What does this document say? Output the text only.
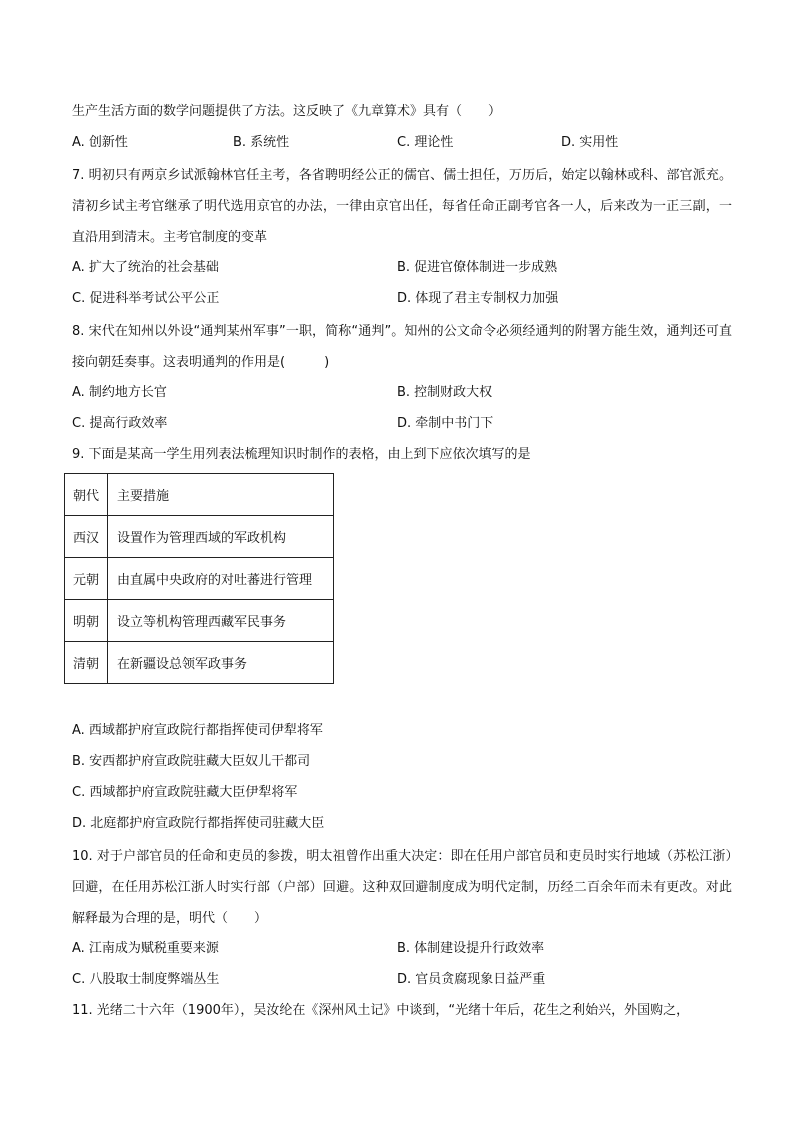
生产生活方面的数学问题提供了方法。这反映了《九章算术》具有（　　）
A. 创新性	B. 系统性	C. 理论性	D. 实用性
7. 明初只有两京乡试派翰林官任主考，各省聘明经公正的儒官、儒士担任，万历后，始定以翰林或科、部官派充。清初乡试主考官继承了明代选用京官的办法，一律由京官出任，每省任命正副考官各一人，后来改为一正三副，一直沿用到清末。主考官制度的变革
A. 扩大了统治的社会基础	B. 促进官僚体制进一步成熟
C. 促进科举考试公平公正	D. 体现了君主专制权力加强
8. 宋代在知州以外设“通判某州军事”一职，简称“通判”。知州的公文命令必须经通判的附署方能生效，通判还可直接向朝廷奏事。这表明通判的作用是(　　　)
A. 制约地方长官	B. 控制财政大权
C. 提高行政效率	D. 牵制中书门下
9. 下面是某高一学生用列表法梳理知识时制作的表格，由上到下应依次填写的是
朝代	主要措施
西汉	设置作为管理西域的军政机构
元朝	由直属中央政府的对吐蕃进行管理
明朝	设立等机构管理西藏军民事务
清朝	在新疆设总领军政事务
A. 西域都护府宣政院行都指挥使司伊犁将军
B. 安西都护府宣政院驻藏大臣奴儿干都司
C. 西域都护府宣政院驻藏大臣伊犁将军
D. 北庭都护府宣政院行都指挥使司驻藏大臣
10. 对于户部官员的任命和吏员的参拨，明太祖曾作出重大决定：即在任用户部官员和吏员时实行地域（苏松江浙）回避，在任用苏松江浙人时实行部（户部）回避。这种双回避制度成为明代定制，历经二百余年而未有更改。对此解释最为合理的是，明代（　　）
A. 江南成为赋税重要来源	B. 体制建设提升行政效率
C. 八股取士制度弊端丛生	D. 官员贪腐现象日益严重
11. 光绪二十六年（1900年），吴汝纶在《深州风土记》中谈到，“光绪十年后，花生之利始兴，外国购之，
